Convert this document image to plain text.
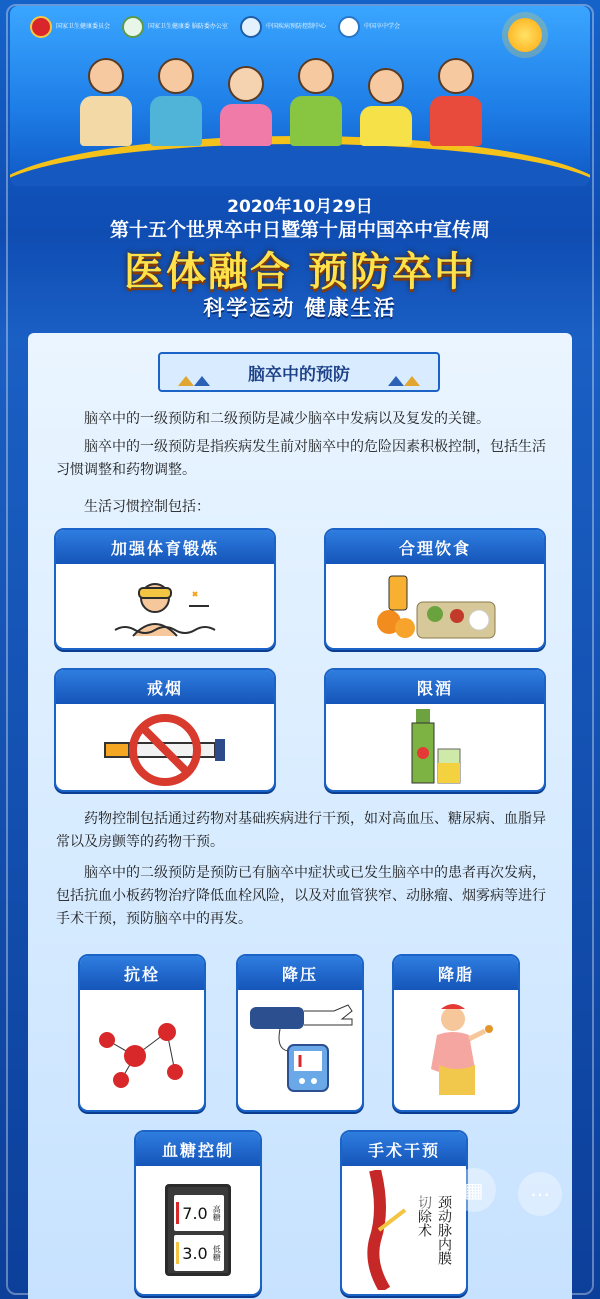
国家卫生健康委员会	国家卫生健康委 脑防委办公室	中国疾病预防控制中心	中国卒中学会
2020年10月29日
第十五个世界卒中日暨第十届中国卒中宣传周
医体融合 预防卒中
科学运动 健康生活
脑卒中的预防
脑卒中的一级预防和二级预防是减少脑卒中发病以及复发的关键。
脑卒中的一级预防是指疾病发生前对脑卒中的危险因素积极控制，包括生活习惯调整和药物调整。
生活习惯控制包括：
加强体育锻炼	合理饮食
戒烟	限酒
药物控制包括通过药物对基础疾病进行干预，如对高血压、糖尿病、血脂异常以及房颤等的药物干预。
脑卒中的二级预防是预防已有脑卒中症状或已发生脑卒中的患者再次发病，包括抗血小板药物治疗降低血栓风险，以及对血管狭窄、动脉瘤、烟雾病等进行手术干预，预防脑卒中的再发。
抗栓	降压	降脂
血糖控制
7.0 高糖
3.0 低糖
手术干预
切除术 颈动脉内膜
▢ ▦ ⋯
